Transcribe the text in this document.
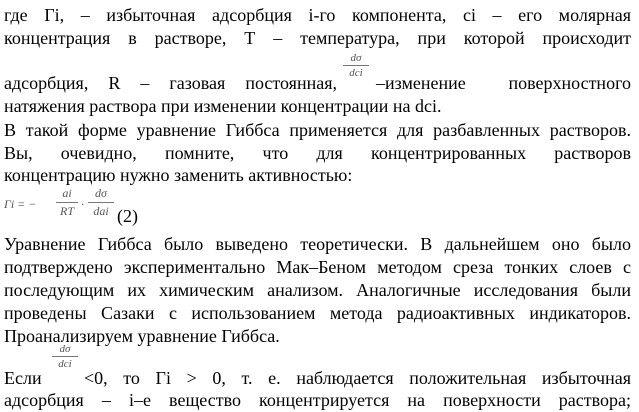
где Гi, – избыточная адсорбция i-го компонента, ci – его молярная
концентрация в растворе, Т – температура, при которой происходит
dσ
dci
адсорбция, R – газовая постоянная, –изменение поверхностного
натяжения раствора при изменении концентрации на dci.
В такой форме уравнение Гиббса применяется для разбавленных растворов.
Вы, очевидно, помните, что для концентрированных растворов
концентрацию нужно заменить активностью:
Гi = −
ai
RT ·
dσ
dai (2)
Уравнение Гиббса было выведено теоретически. В дальнейшем оно было
подтверждено экспериментально Мак–Беном методом среза тонких слоев с
последующим их химическим анализом. Аналогичные исследования были
проведены Сазаки с использованием метода радиоактивных индикаторов.
Проанализируем уравнение Гиббса.
dσ
dci
Если	<0, то Гi > 0, т. е. наблюдается положительная избыточная
адсорбция – i–е вещество концентрируется на поверхности раствора;
